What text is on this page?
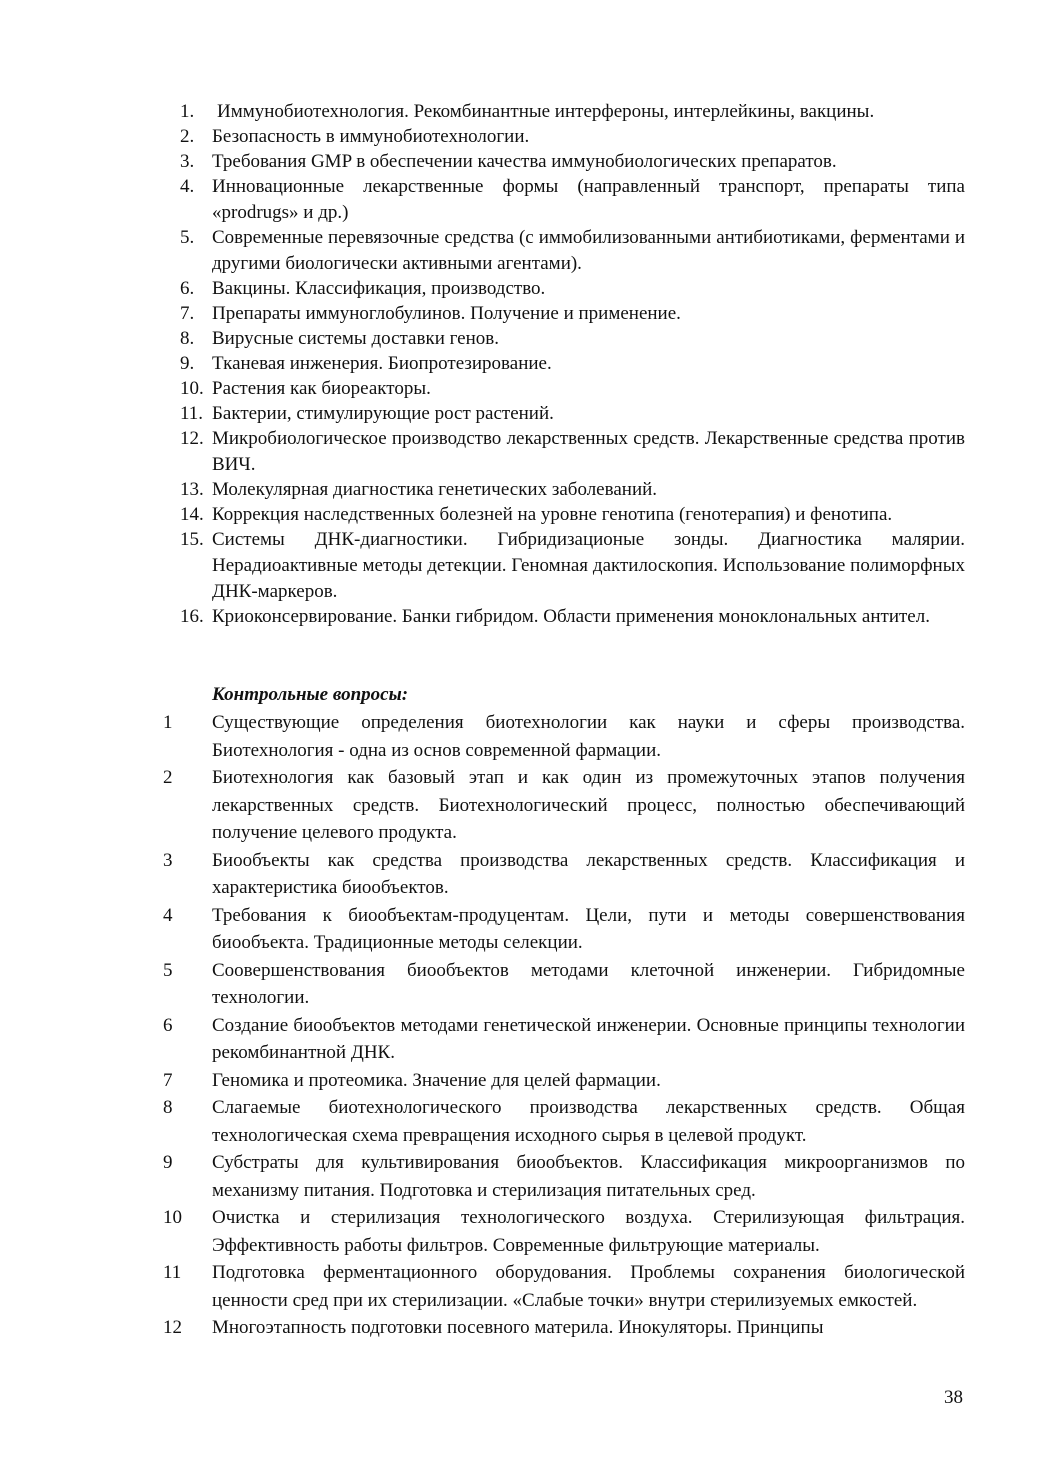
1. Иммунобиотехнология. Рекомбинантные интерфероны, интерлейкины, вакцины.
2. Безопасность в иммунобиотехнологии.
3. Требования GMP в обеспечении качества иммунобиологических препаратов.
4. Инновационные лекарственные формы (направленный транспорт, препараты типа «prodrugs» и др.)
5. Современные перевязочные средства (с иммобилизованными антибиотиками, ферментами и другими биологически активными агентами).
6. Вакцины. Классификация, производство.
7. Препараты иммуноглобулинов. Получение и применение.
8. Вирусные системы доставки генов.
9. Тканевая инженерия. Биопротезирование.
10. Растения как биореакторы.
11. Бактерии, стимулирующие рост растений.
12. Микробиологическое производство лекарственных средств. Лекарственные средства против ВИЧ.
13. Молекулярная диагностика генетических заболеваний.
14. Коррекция наследственных болезней на уровне генотипа (генотерапия) и фенотипа.
15. Системы ДНК-диагностики. Гибридизационые зонды. Диагностика малярии. Нерадиоактивные методы детекции. Геномная дактилоскопия. Использование полиморфных ДНК-маркеров.
16. Криоконсервирование. Банки гибридом. Области применения моноклональных антител.
Контрольные вопросы:
1 Существующие определения биотехнологии как науки и сферы производства. Биотехнология - одна из основ современной фармации.
2 Биотехнология как базовый этап и как один из промежуточных этапов получения лекарственных средств. Биотехнологический процесс, полностью обеспечивающий получение целевого продукта.
3 Биообъекты как средства производства лекарственных средств. Классификация и характеристика биообъектов.
4 Требования к биообъектам-продуцентам. Цели, пути и методы совершенствования биообъекта. Традиционные методы селекции.
5 Соовершенствования биообъектов методами клеточной инженерии. Гибридомные технологии.
6 Создание биообъектов методами генетической инженерии. Основные принципы технологии рекомбинантной ДНК.
7 Геномика и протеомика. Значение для целей фармации.
8 Слагаемые биотехнологического производства лекарственных средств. Общая технологическая схема превращения исходного сырья в целевой продукт.
9 Субстраты для культивирования биообъектов. Классификация микроорганизмов по механизму питания. Подготовка и стерилизация питательных сред.
10 Очистка и стерилизация технологического воздуха. Стерилизующая фильтрация. Эффективность работы фильтров. Современные фильтрующие материалы.
11 Подготовка ферментационного оборудования. Проблемы сохранения биологической ценности сред при их стерилизации. «Слабые точки» внутри стерилизуемых емкостей.
12 Многоэтапность подготовки посевного материла. Инокуляторы. Принципы
38
